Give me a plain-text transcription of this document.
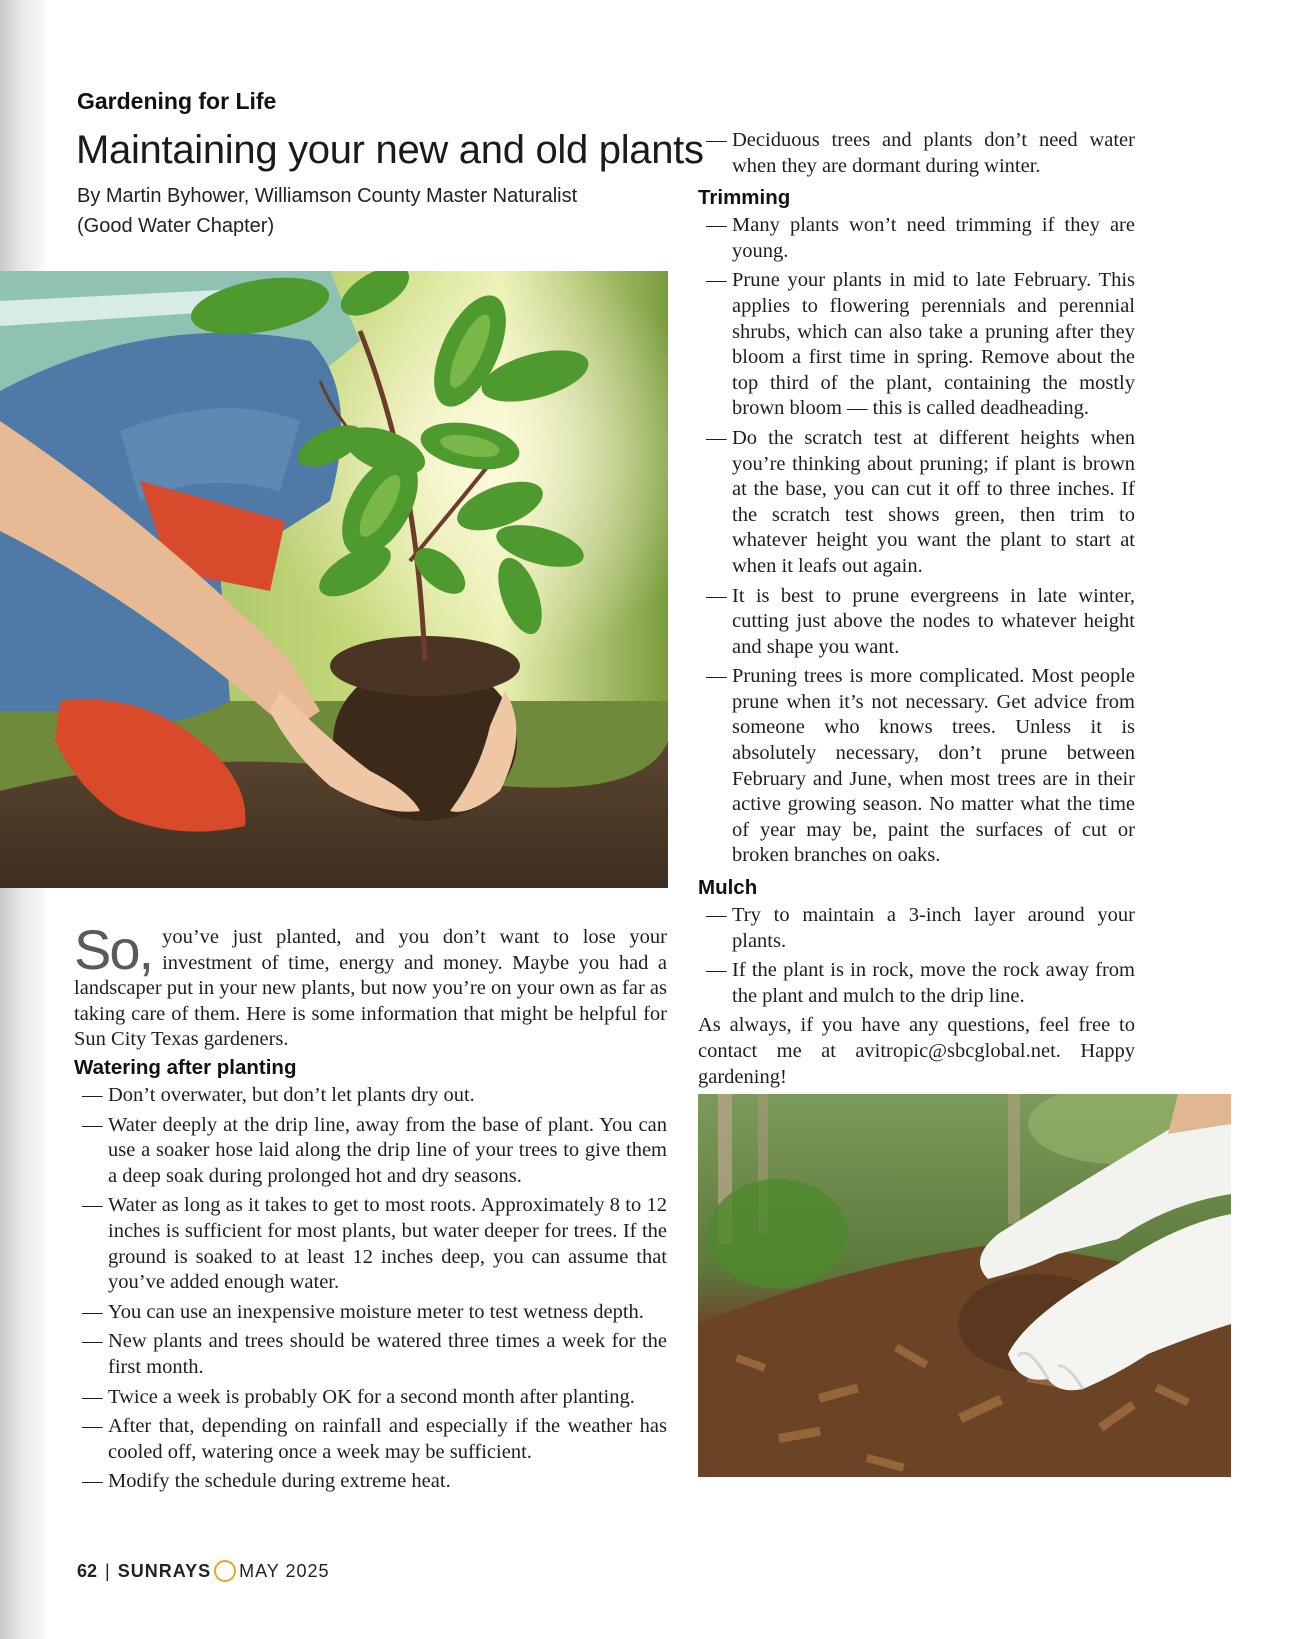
Gardening for Life
Maintaining your new and old plants
By Martin Byhower, Williamson County Master Naturalist (Good Water Chapter)

So, you’ve just planted, and you don’t want to lose your investment of time, energy and money. Maybe you had a landscaper put in your new plants, but now you’re on your own as far as taking care of them. Here is some information that might be helpful for Sun City Texas gardeners.

Watering after planting
— Don’t overwater, but don’t let plants dry out.
— Water deeply at the drip line, away from the base of plant. You can use a soaker hose laid along the drip line of your trees to give them a deep soak during prolonged hot and dry seasons.
— Water as long as it takes to get to most roots. Approximately 8 to 12 inches is sufficient for most plants, but water deeper for trees. If the ground is soaked to at least 12 inches deep, you can assume that you’ve added enough water.
— You can use an inexpensive moisture meter to test wetness depth.
— New plants and trees should be watered three times a week for the first month.
— Twice a week is probably OK for a second month after planting.
— After that, depending on rainfall and especially if the weather has cooled off, watering once a week may be sufficient.
— Modify the schedule during extreme heat.
— Deciduous trees and plants don’t need water when they are dormant during winter.
Trimming
— Many plants won’t need trimming if they are young.
— Prune your plants in mid to late February. This applies to flowering perennials and perennial shrubs, which can also take a pruning after they bloom a first time in spring. Remove about the top third of the plant, containing the mostly brown bloom — this is called deadheading.
— Do the scratch test at different heights when you’re thinking about pruning; if plant is brown at the base, you can cut it off to three inches. If the scratch test shows green, then trim to whatever height you want the plant to start at when it leafs out again.
— It is best to prune evergreens in late winter, cutting just above the nodes to whatever height and shape you want.
— Pruning trees is more complicated. Most people prune when it’s not necessary. Get advice from someone who knows trees. Unless it is absolutely necessary, don’t prune between February and June, when most trees are in their active growing season. No matter what the time of year may be, paint the surfaces of cut or broken branches on oaks.
Mulch
— Try to maintain a 3-inch layer around your plants.
— If the plant is in rock, move the rock away from the plant and mulch to the drip line.

As always, if you have any questions, feel free to contact me at avitropic@sbcglobal.net. Happy gardening!

62 | SUNRAYS MAY 2025
